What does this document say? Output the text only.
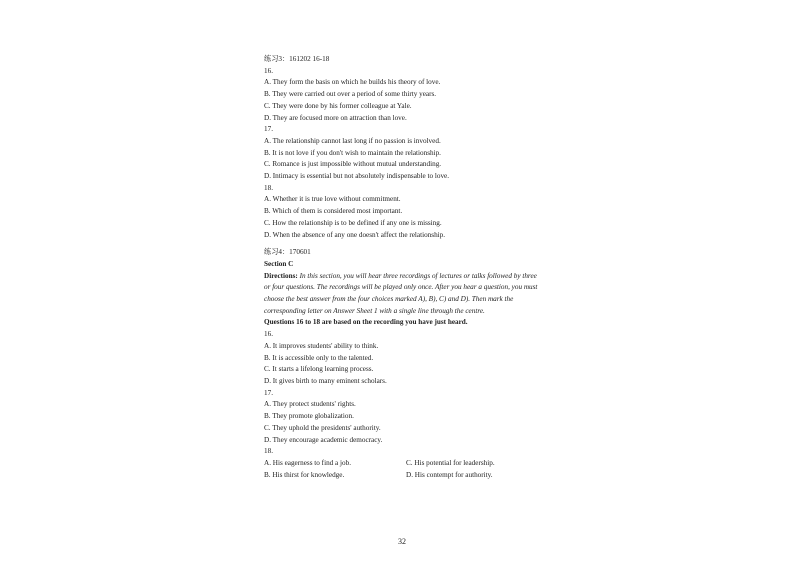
练习3：161202 16-18
16.
A. They form the basis on which he builds his theory of love.
B. They were carried out over a period of some thirty years.
C. They were done by his former colleague at Yale.
D. They are focused more on attraction than love.
17.
A. The relationship cannot last long if no passion is involved.
B. It is not love if you don't wish to maintain the relationship.
C. Romance is just impossible without mutual understanding.
D. Intimacy is essential but not absolutely indispensable to love.
18.
A. Whether it is true love without commitment.
B. Which of them is considered most important.
C. How the relationship is to be defined if any one is missing.
D. When the absence of any one doesn't affect the relationship.
练习4：170601
Section C
Directions: In this section, you will hear three recordings of lectures or talks followed by three or four questions. The recordings will be played only once. After you hear a question, you must choose the best answer from the four choices marked A), B), C) and D). Then mark the corresponding letter on Answer Sheet 1 with a single line through the centre.
Questions 16 to 18 are based on the recording you have just heard.
16.
A. It improves students' ability to think.
B. It is accessible only to the talented.
C. It starts a lifelong learning process.
D. It gives birth to many eminent scholars.
17.
A. They protect students' rights.
B. They promote globalization.
C. They uphold the presidents' authority.
D. They encourage academic democracy.
18.
A. His eagerness to find a job.	C. His potential for leadership.
B. His thirst for knowledge.	D. His contempt for authority.
32
